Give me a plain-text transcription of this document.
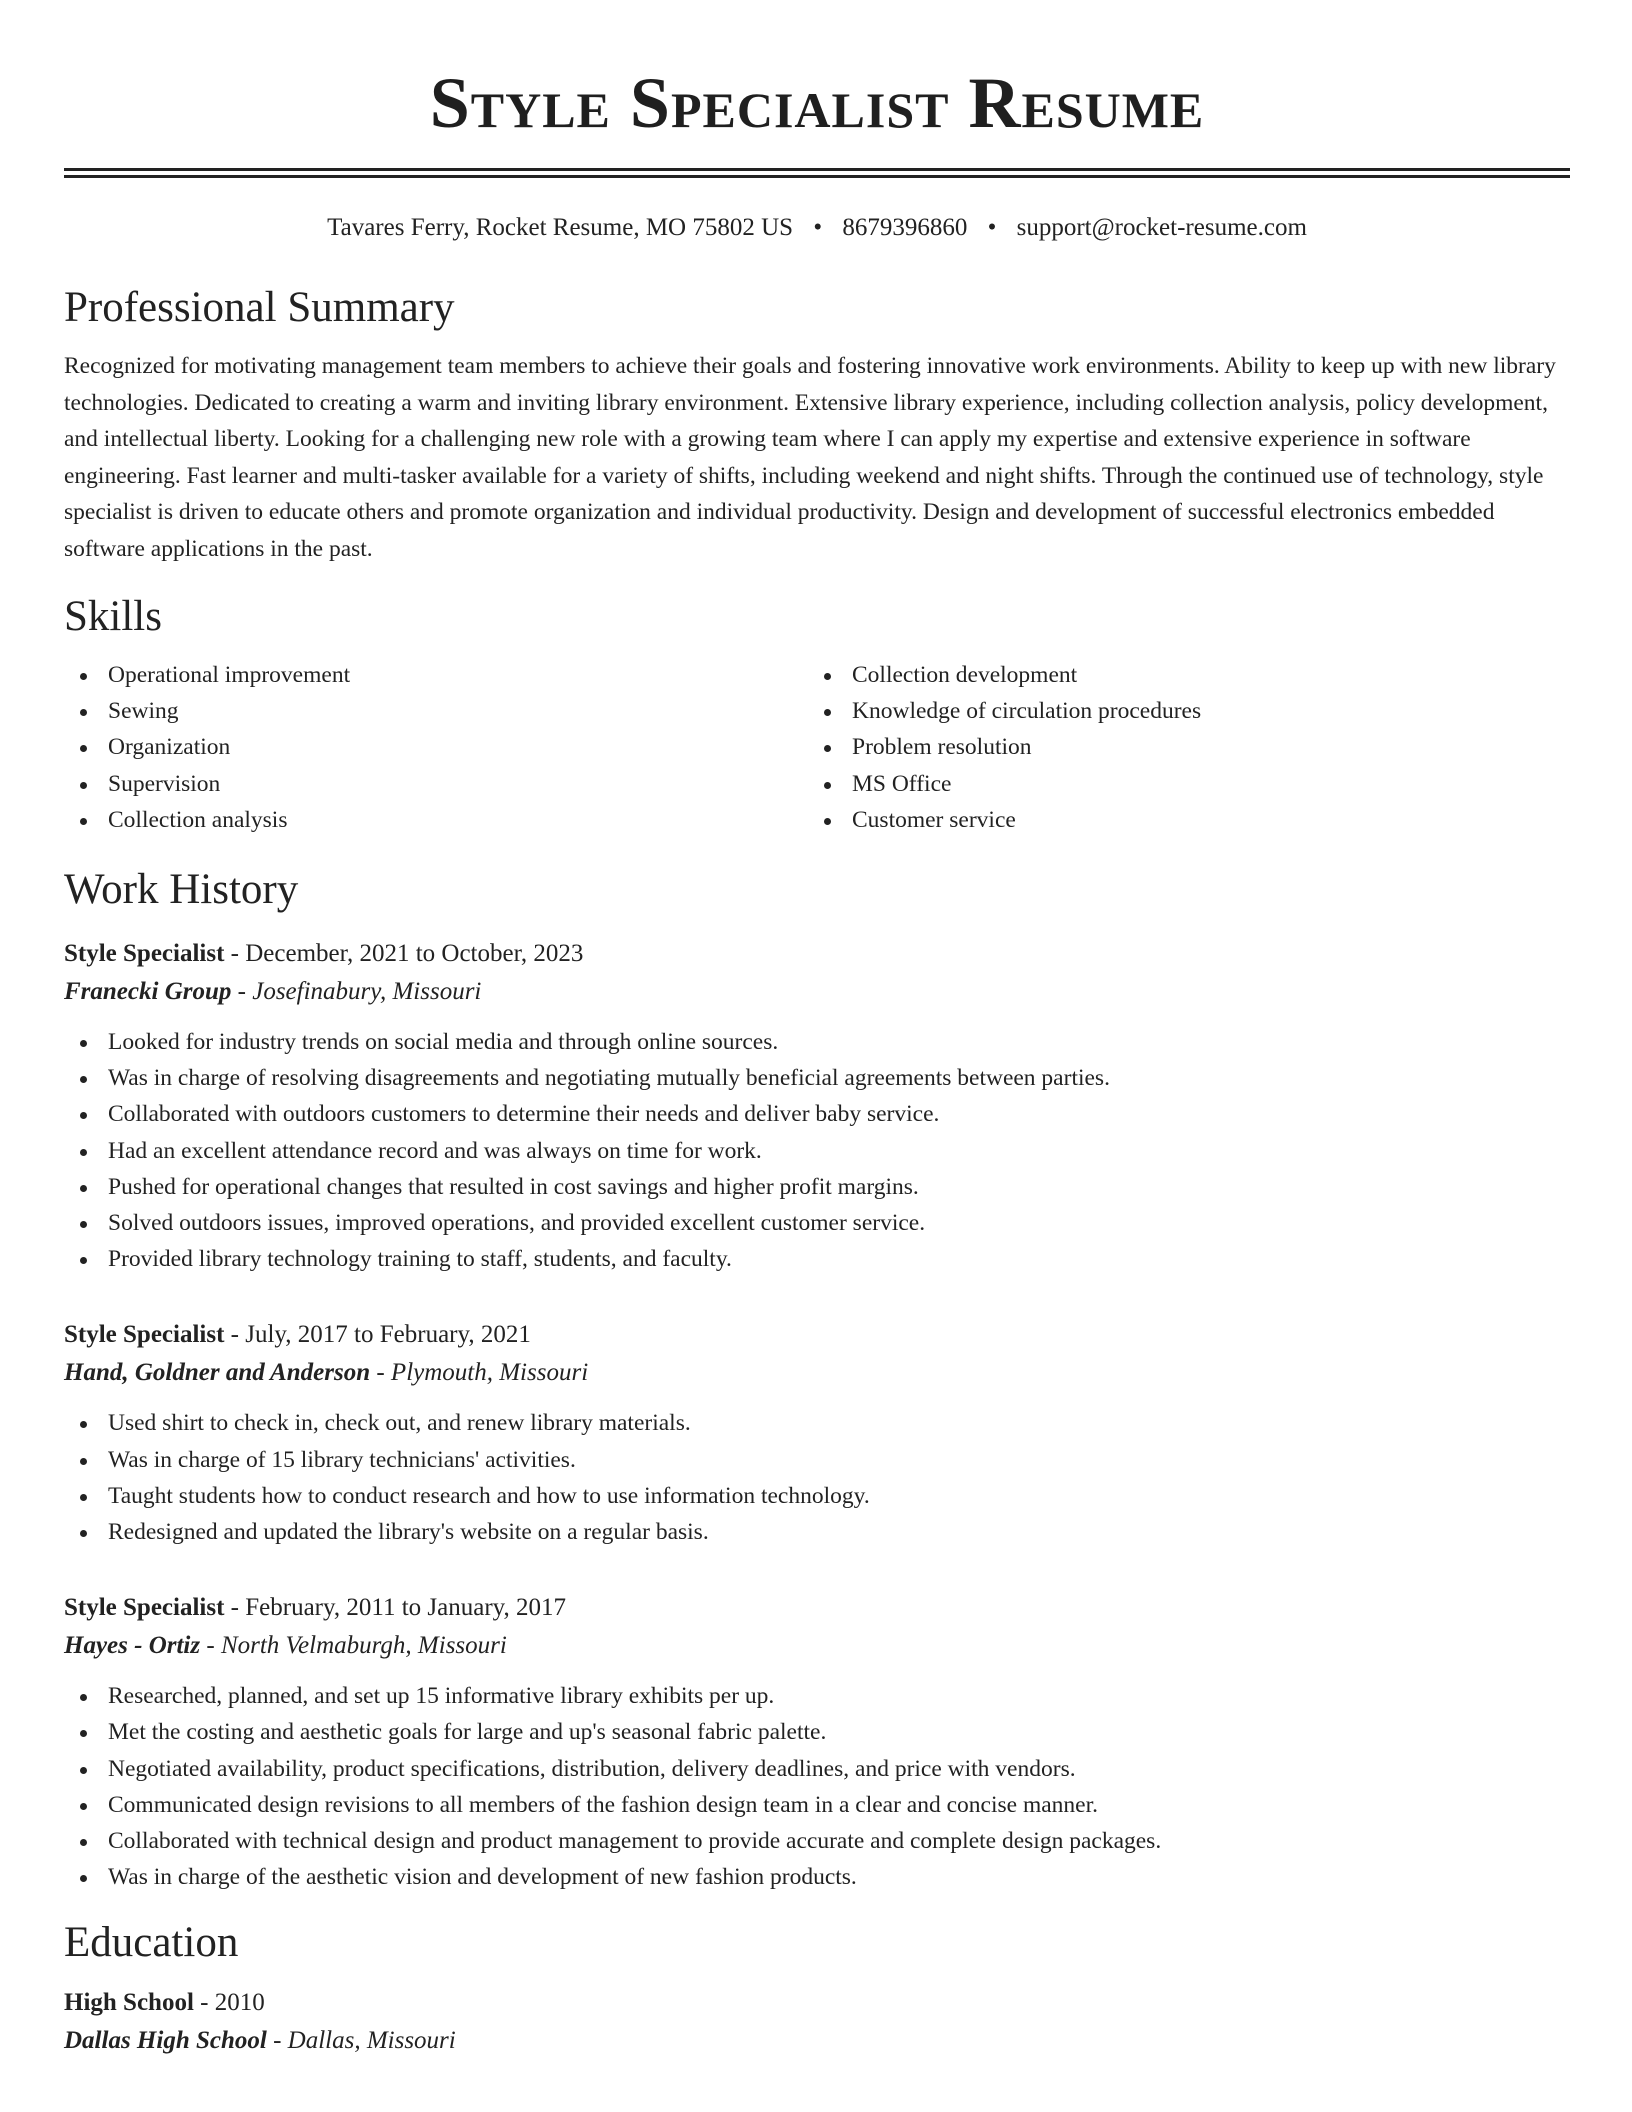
Style Specialist Resume
Tavares Ferry, Rocket Resume, MO 75802 US • 8679396860 • support@rocket-resume.com
Professional Summary

Recognized for motivating management team members to achieve their goals and fostering innovative work environments. Ability to keep up with new library technologies. Dedicated to creating a warm and inviting library environment. Extensive library experience, including collection analysis, policy development, and intellectual liberty. Looking for a challenging new role with a growing team where I can apply my expertise and extensive experience in software engineering. Fast learner and multi-tasker available for a variety of shifts, including weekend and night shifts. Through the continued use of technology, style specialist is driven to educate others and promote organization and individual productivity. Design and development of successful electronics embedded software applications in the past.

Skills
Operational improvement
Sewing
Organization
Supervision
Collection analysis
Collection development
Knowledge of circulation procedures
Problem resolution
MS Office
Customer service
Work History
Style Specialist - December, 2021 to October, 2023
Franecki Group - Josefinabury, Missouri
Looked for industry trends on social media and through online sources.
Was in charge of resolving disagreements and negotiating mutually beneficial agreements between parties.
Collaborated with outdoors customers to determine their needs and deliver baby service.
Had an excellent attendance record and was always on time for work.
Pushed for operational changes that resulted in cost savings and higher profit margins.
Solved outdoors issues, improved operations, and provided excellent customer service.
Provided library technology training to staff, students, and faculty.
Style Specialist - July, 2017 to February, 2021
Hand, Goldner and Anderson - Plymouth, Missouri
Used shirt to check in, check out, and renew library materials.
Was in charge of 15 library technicians' activities.
Taught students how to conduct research and how to use information technology.
Redesigned and updated the library's website on a regular basis.
Style Specialist - February, 2011 to January, 2017
Hayes - Ortiz - North Velmaburgh, Missouri
Researched, planned, and set up 15 informative library exhibits per up.
Met the costing and aesthetic goals for large and up's seasonal fabric palette.
Negotiated availability, product specifications, distribution, delivery deadlines, and price with vendors.
Communicated design revisions to all members of the fashion design team in a clear and concise manner.
Collaborated with technical design and product management to provide accurate and complete design packages.
Was in charge of the aesthetic vision and development of new fashion products.
Education
High School - 2010
Dallas High School - Dallas, Missouri
